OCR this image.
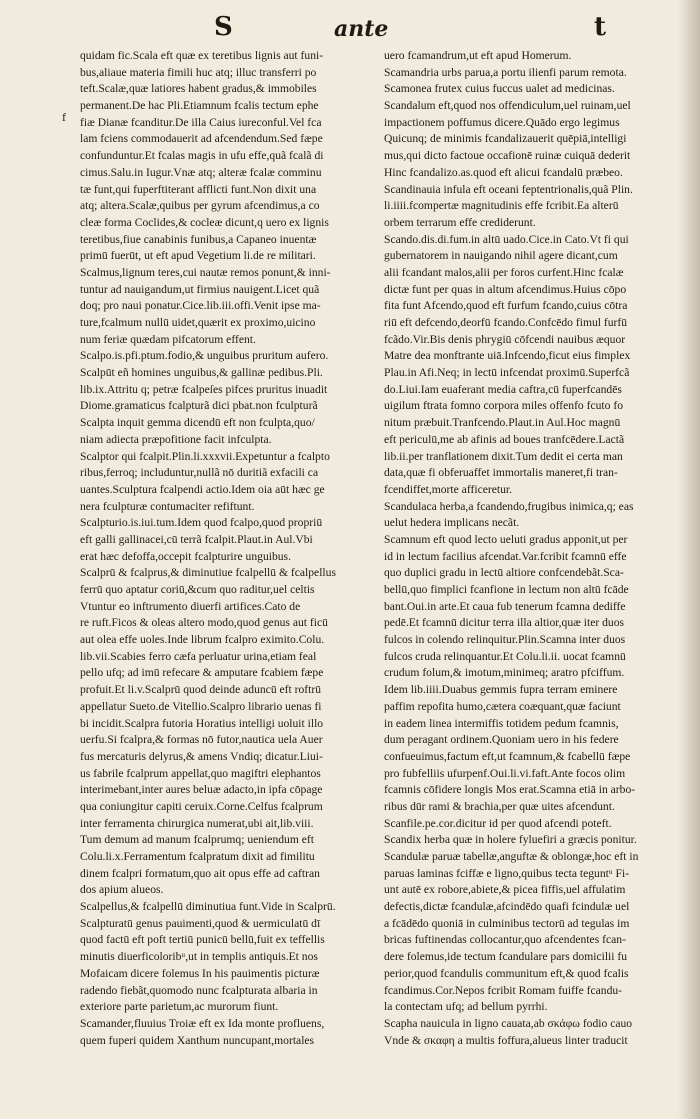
S	ante	t
f
quidam fic.Scala eft quæ ex teretibus lignis aut funi-
bus,aliaue materia fimili huc atq; illuc transferri po
teft.Scalæ,quæ latiores habent gradus,& immobiles
permanent.De hac Pli.Etiamnum fcalis tectum ephe
fiæ Dianæ fcanditur.De illa Caius iureconful.Vel fca
lam fciens commodauerit ad afcendendum.Sed fæpe
confunduntur.Et fcalas magis in ufu effe,quã fcalã di
cimus.Salu.in Iugur.Vnæ atq; alteræ fcalæ comminu
tæ funt,qui fuperftiterant afflicti funt.Non dixit una
atq; altera.Scalæ,quibus per gyrum afcendimus,a co
cleæ forma Coclides,& cocleæ dicunt,q uero ex lignis
teretibus,fiue canabinis funibus,a Capaneo inuentæ
primū fuerūt, ut eft apud Vegetium li.de re militari.
Scalmus,lignum teres,cui nautæ remos ponunt,& inni-
tuntur ad nauigandum,ut firmius nauigent.Licet quã
doq; pro naui ponatur.Cice.lib.iii.offi.Venit ipse ma-
ture,fcalmum nullū uidet,quærit ex proximo,uicino
num feriæ quædam pifcatorum effent.
Scalpo.is.pfi.ptum.fodio,& unguibus pruritum aufero.
Scalpūt eñ homines unguibus,& gallinæ pedibus.Pli.
lib.ix.Attritu q; petræ fcalpeſes pifces pruritus inuadit
Diome.gramaticus fcalpturã dici pbat.non fculpturã
Scalpta inquit gemma dicendū eft non fculpta,quo/
niam adiecta præpofitione facit infculpta.
Scalptor qui fcalpit.Plin.li.xxxvii.Expetuntur a fcalpto
ribus,ferroq; includuntur,nullã nō duritiã exfacili ca
uantes.Sculptura fcalpendi actio.Idem oia aūt hæc ge
nera fculpturæ contumaciter refiftunt.
Scalpturio.is.iui.tum.Idem quod fcalpo,quod propriū
eft galli gallinacei,cū terrã fcalpit.Plaut.in Aul.Vbi
erat hæc defoffa,occepit fcalpturire unguibus.
Scalprū & fcalprus,& diminutiue fcalpellū & fcalpellus
ferrū quo aptatur coriū,&cum quo raditur,uel celtis
Vtuntur eo inftrumento diuerfi artifices.Cato de
re ruft.Ficos & oleas altero modo,quod genus aut ficū
aut olea effe uoles.Inde librum fcalpro eximito.Colu.
lib.vii.Scabies ferro cæfa perluatur urina,etiam feal
pello ufq; ad imū refecare & amputare fcabiem fæpe
profuit.Et li.v.Scalprū quod deinde aduncū eft roftrū
appellatur Sueto.de Vitellio.Scalpro librario uenas fi
bi incidit.Scalpra futoria Horatius intelligi uoluit illo
uerfu.Si fcalpra,& formas nō futor,nautica uela Auer
fus mercaturis delyrus,& amens Vndiq; dicatur.Liui-
us fabrile fcalprum appellat,quo magiftri elephantos
interimebant,inter aures beluæ adacto,in ipfa cōpage
qua coniungitur capiti ceruix.Corne.Celfus fcalprum
inter ferramenta chirurgica numerat,ubi ait,lib.viii.
Tum demum ad manum fcalprumq; ueniendum eft
Colu.li.x.Ferramentum fcalpratum dixit ad fimilitu
dinem fcalpri formatum,quo ait opus effe ad caftran
dos apium alueos.
Scalpellus,& fcalpellū diminutiua funt.Vide in Scalprū.
Scalpturatū genus pauimenti,quod & uermiculatū dī
quod factū eft poft tertiū punicū bellū,fuit ex teffellis
minutis diuerficoloribᵘ,ut in templis antiquis.Et nos
Mofaicam dicere folemus In his pauimentis picturæ
radendo fiebãt,quomodo nunc fcalpturata albaria in
exteriore parte parietum,ac murorum fiunt.
Scamander,fluuius Troiæ eft ex Ida monte profluens,
quem fuperi quidem Xanthum nuncupant,mortales
uero fcamandrum,ut eft apud Homerum.
Scamandria urbs parua,a portu ilienfi parum remota.
Scamonea frutex cuius fuccus ualet ad medicinas.
Scandalum eft,quod nos offendiculum,uel ruinam,uel
impactionem poffumus dicere.Quādo ergo legimus
Quicunq; de minimis fcandalizauerit quēpiā,intelligi
mus,qui dicto factoue occafionē ruinæ cuiquā dederit
Hinc fcandalizo.as.quod eft alicui fcandalū præbeo.
Scandinauia infula eft oceani feptentrionalis,quã Plin.
li.iiii.fcompertæ magnitudinis effe fcribit.Ea alterū
orbem terrarum effe crediderunt.
Scando.dis.di.fum.in altū uado.Cice.in Cato.Vt fi qui
gubernatorem in nauigando nihil agere dicant,cum
alii fcandant malos,alii per foros curfent.Hinc fcalæ
dictæ funt per quas in altum afcendimus.Huius cōpo
fita funt Afcendo,quod eft furfum fcando,cuius cōtra
riū eft defcendo,deorfū fcando.Confcēdo fimul furfū
fcãdo.Vir.Bis denis phrygiū cōfcendi nauibus æquor
Matre dea monftrante uiā.Infcendo,ficut eius fimplex
Plau.in Afi.Neq; in lectū infcendat proximū.Superfcã
do.Liui.Iam euaferant media caftra,cū fuperfcandēs
uigilum ftrata fomno corpora miles offenfo fcuto fo
nitum præbuit.Tranfcendo.Plaut.in Aul.Hoc magnū
eft periculū,me ab afinis ad boues tranfcēdere.Lactã
lib.ii.per tranflationem dixit.Tum dedit ei certa man
data,quæ fi obferuaffet immortalis maneret,fi tran-
fcendiffet,morte afficeretur.
Scandulaca herba,a fcandendo,frugibus inimica,q; eas
uelut hedera implicans necãt.
Scamnum eft quod lecto ueluti gradus apponit,ut per
id in lectum facilius afcendat.Var.fcribit fcamnū effe
quo duplici gradu in lectū altiore confcendebãt.Sca-
bellū,quo fimplici fcanfione in lectum non altū fcāde
bant.Oui.in arte.Et caua fub tenerum fcamna dediffe
pedē.Et fcamnū dicitur terra illa altior,quæ iter duos
fulcos in colendo relinquitur.Plin.Scamna inter duos
fulcos cruda relinquantur.Et Colu.li.ii. uocat fcamnū
crudum folum,& imotum,minimeq; aratro pfciffum.
Idem lib.iiii.Duabus gemmis fupra terram eminere
paffim repofita humo,cætera coæquant,quæ faciunt
in eadem linea intermiffis totidem pedum fcamnis,
dum peragant ordinem.Quoniam uero in his federe
confueuimus,factum eft,ut fcamnum,& fcabellū fæpe
pro fubfelliis ufurpenf.Oui.li.vi.faft.Ante focos olim
fcamnis cōfidere longis Mos erat.Scamna etiā in arbo-
ribus dūr rami & brachia,per quæ uites afcendunt.
Scanfile.pe.cor.dicitur id per quod afcendi poteft.
Scandix herba quæ in holere fyluefiri a græcis ponitur.
Scandulæ paruæ tabellæ,anguftæ & oblongæ,hoc eft in
paruas laminas fciffæ e ligno,quibus tecta teguntᵘ Fi-
unt autē ex robore,abiete,& picea fiffis,uel affulatim
defectis,dictæ fcandulæ,afcindēdo quafi fcindulæ uel
a fcādēdo quoniā in culminibus tectorū ad tegulas im
bricas fuftinendas collocantur,quo afcendentes fcan-
dere folemus,ide tectum fcandulare pars domicilii fu
perior,quod fcandulis communitum eft,& quod fcalis
fcandimus.Cor.Nepos fcribit Romam fuiffe fcandu-
la contectam ufq; ad bellum pyrrhi.
Scapha nauicula in ligno cauata,ab σκάφω fodio cauo
Vnde & σκαφη a multis foffura,alueus linter traducit
